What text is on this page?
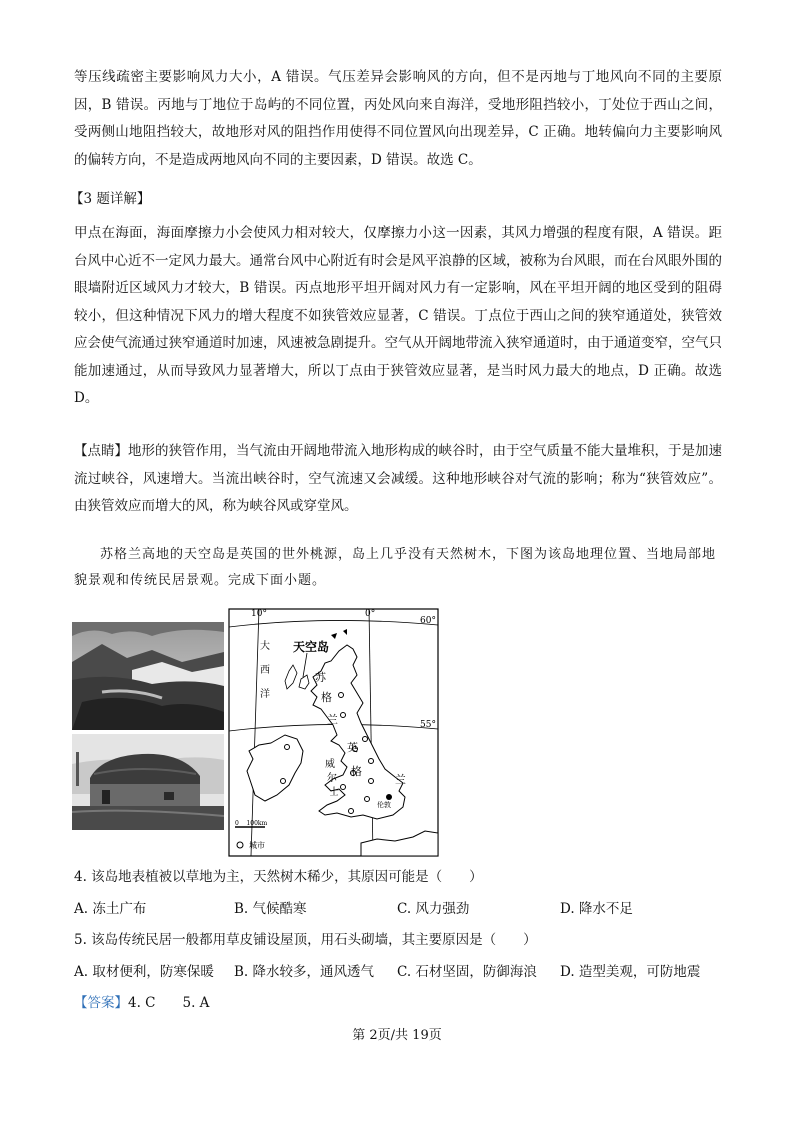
等压线疏密主要影响风力大小，A 错误。气压差异会影响风的方向，但不是丙地与丁地风向不同的主要原因，B 错误。丙地与丁地位于岛屿的不同位置，丙处风向来自海洋，受地形阻挡较小，丁处位于西山之间，受两侧山地阻挡较大，故地形对风的阻挡作用使得不同位置风向出现差异，C 正确。地转偏向力主要影响风的偏转方向，不是造成两地风向不同的主要因素，D 错误。故选 C。

【3 题详解】

甲点在海面，海面摩擦力小会使风力相对较大，仅摩擦力小这一因素，其风力增强的程度有限，A 错误。距台风中心近不一定风力最大。通常台风中心附近有时会是风平浪静的区域，被称为台风眼，而在台风眼外围的眼墙附近区域风力才较大，B 错误。丙点地形平坦开阔对风力有一定影响，风在平坦开阔的地区受到的阻碍较小，但这种情况下风力的增大程度不如狭管效应显著，C 错误。丁点位于西山之间的狭窄通道处，狭管效应会使气流通过狭窄通道时加速，风速被急剧提升。空气从开阔地带流入狭窄通道时，由于通道变窄，空气只能加速通过，从而导致风力显著增大，所以丁点由于狭管效应显著，是当时风力最大的地点，D 正确。故选 D。

【点睛】地形的狭管作用，当气流由开阔地带流入地形构成的峡谷时，由于空气质量不能大量堆积，于是加速流过峡谷，风速增大。当流出峡谷时，空气流速又会减缓。这种地形峡谷对气流的影响；称为“狭管效应”。由狭管效应而增大的风，称为峡谷风或穿堂风。

苏格兰高地的天空岛是英国的世外桃源，岛上几乎没有天然树木，下图为该岛地理位置、当地局部地貌景观和传统民居景观。完成下面小题。

10°	0°
60°
55°
大
西
洋
天空岛
苏
格
兰
英
格
兰
威
尔
士
伦敦
0    100km
城市

4. 该岛地表植被以草地为主，天然树木稀少，其原因可能是（　　）

A. 冻土广布	B. 气候酷寒	C. 风力强劲	D. 降水不足

5. 该岛传统民居一般都用草皮铺设屋顶，用石头砌墙，其主要原因是（　　）

A. 取材便利，防寒保暖 B. 降水较多，通风透气 C. 石材坚固，防御海浪 D. 造型美观，可防地震
【答案】4. C　　5. A
第 2页/共 19页
